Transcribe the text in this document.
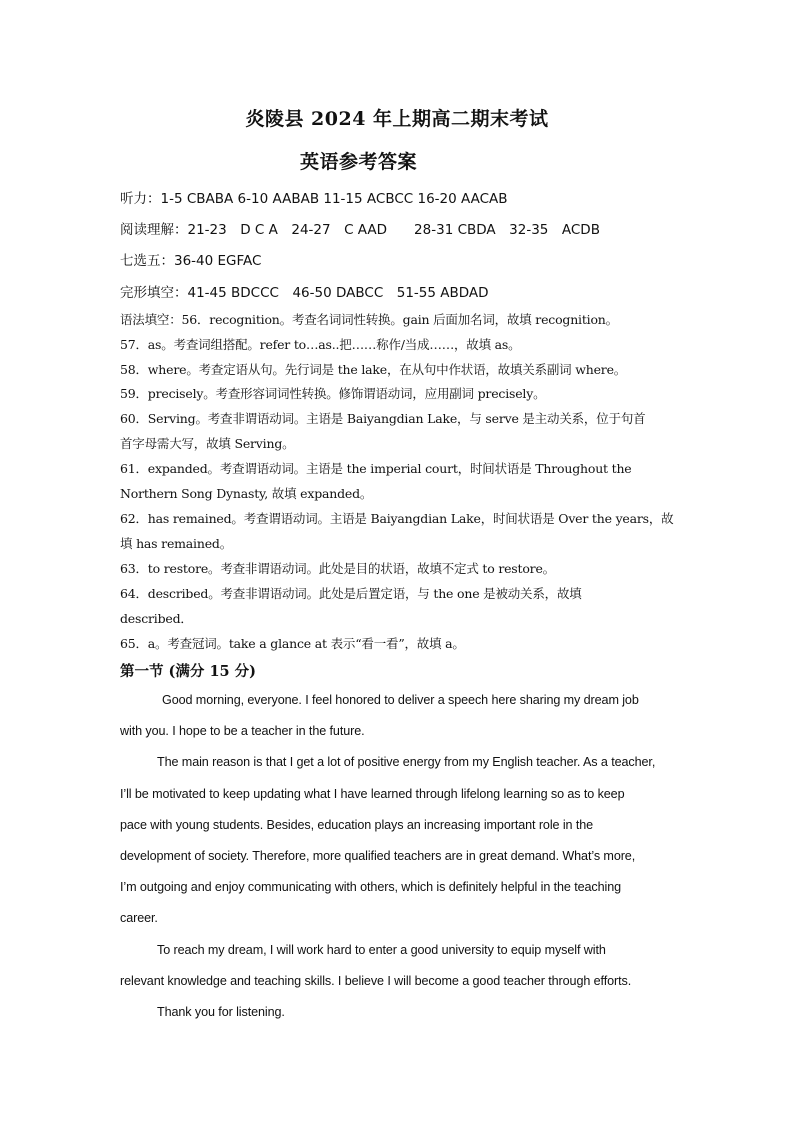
炎陵县 2024 年上期高二期末考试
英语参考答案
听力：1-5 CBABA 6-10 AABAB 11-15 ACBCC 16-20 AACAB
阅读理解：21-23　D C A　24-27　C AAD　　28-31 CBDA　32-35　ACDB
七选五：36-40 EGFAC
完形填空：41-45 BDCCC　46-50 DABCC　51-55 ABDAD
语法填空：56．recognition。考查名词词性转换。gain 后面加名词，故填 recognition。
57．as。考查词组搭配。refer to…as..把……称作/当成……，故填 as。
58．where。考查定语从句。先行词是 the lake，在从句中作状语，故填关系副词 where。
59．precisely。考查形容词词性转换。修饰谓语动词，应用副词 precisely。
60．Serving。考查非谓语动词。主语是 Baiyangdian Lake，与 serve 是主动关系，位于句首
首字母需大写，故填 Serving。
61．expanded。考查谓语动词。主语是 the imperial court，时间状语是 Throughout the
Northern Song Dynasty, 故填 expanded。
62．has remained。考查谓语动词。主语是 Baiyangdian Lake，时间状语是 Over the years，故
填 has remained。
63．to restore。考查非谓语动词。此处是目的状语，故填不定式 to restore。
64．described。考查非谓语动词。此处是后置定语，与 the one 是被动关系，故填
described．
65．a。考查冠词。take a glance at 表示“看一看”，故填 a。
第一节 (满分 15 分)
Good morning, everyone. I feel honored to deliver a speech here sharing my dream job
with you. I hope to be a teacher in the future.
The main reason is that I get a lot of positive energy from my English teacher. As a teacher,
I’ll be motivated to keep updating what I have learned through lifelong learning so as to keep
pace with young students. Besides, education plays an increasing important role in the
development of society. Therefore, more qualified teachers are in great demand. What’s more,
I’m outgoing and enjoy communicating with others, which is definitely helpful in the teaching
career.
To reach my dream, I will work hard to enter a good university to equip myself with
relevant knowledge and teaching skills. I believe I will become a good teacher through efforts.
Thank you for listening.
